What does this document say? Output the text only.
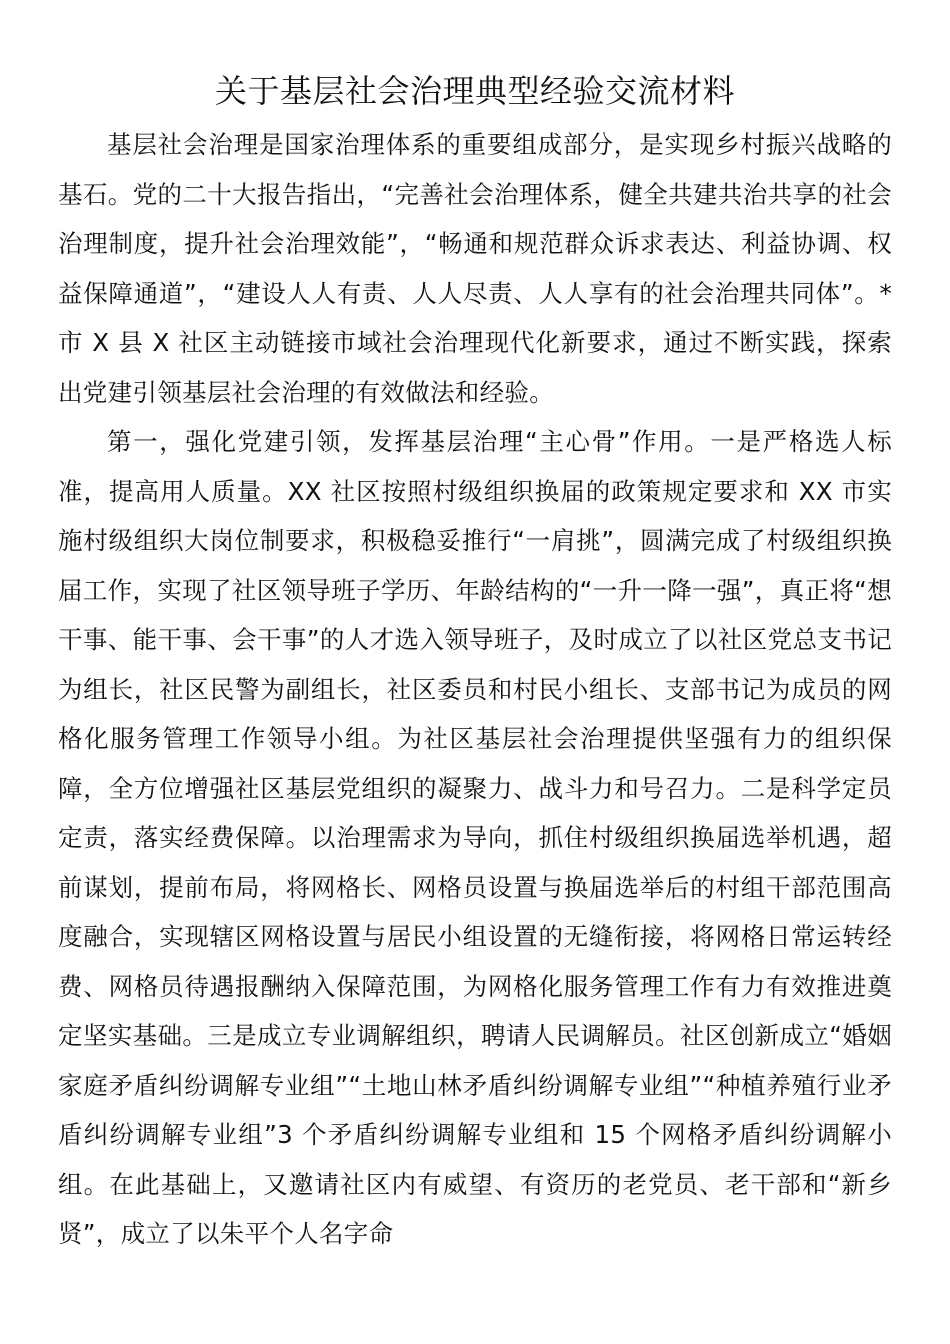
关于基层社会治理典型经验交流材料

基层社会治理是国家治理体系的重要组成部分，是实现乡村振兴战略的基石。党的二十大报告指出，“完善社会治理体系，健全共建共治共享的社会治理制度，提升社会治理效能”，“畅通和规范群众诉求表达、利益协调、权益保障通道”，“建设人人有责、人人尽责、人人享有的社会治理共同体”。*市 X 县 X 社区主动链接市域社会治理现代化新要求，通过不断实践，探索出党建引领基层社会治理的有效做法和经验。

第一，强化党建引领，发挥基层治理“主心骨”作用。一是严格选人标准，提高用人质量。XX 社区按照村级组织换届的政策规定要求和 XX 市实施村级组织大岗位制要求，积极稳妥推行“一肩挑”，圆满完成了村级组织换届工作，实现了社区领导班子学历、年龄结构的“一升一降一强”，真正将“想干事、能干事、会干事”的人才选入领导班子，及时成立了以社区党总支书记为组长，社区民警为副组长，社区委员和村民小组长、支部书记为成员的网格化服务管理工作领导小组。为社区基层社会治理提供坚强有力的组织保障，全方位增强社区基层党组织的凝聚力、战斗力和号召力。二是科学定员定责，落实经费保障。以治理需求为导向，抓住村级组织换届选举机遇，超前谋划，提前布局，将网格长、网格员设置与换届选举后的村组干部范围高度融合，实现辖区网格设置与居民小组设置的无缝衔接，将网格日常运转经费、网格员待遇报酬纳入保障范围，为网格化服务管理工作有力有效推进奠定坚实基础。三是成立专业调解组织，聘请人民调解员。社区创新成立“婚姻家庭矛盾纠纷调解专业组”“土地山林矛盾纠纷调解专业组”“种植养殖行业矛盾纠纷调解专业组”3 个矛盾纠纷调解专业组和 15 个网格矛盾纠纷调解小组。在此基础上，又邀请社区内有威望、有资历的老党员、老干部和“新乡贤”，成立了以朱平个人名字命
